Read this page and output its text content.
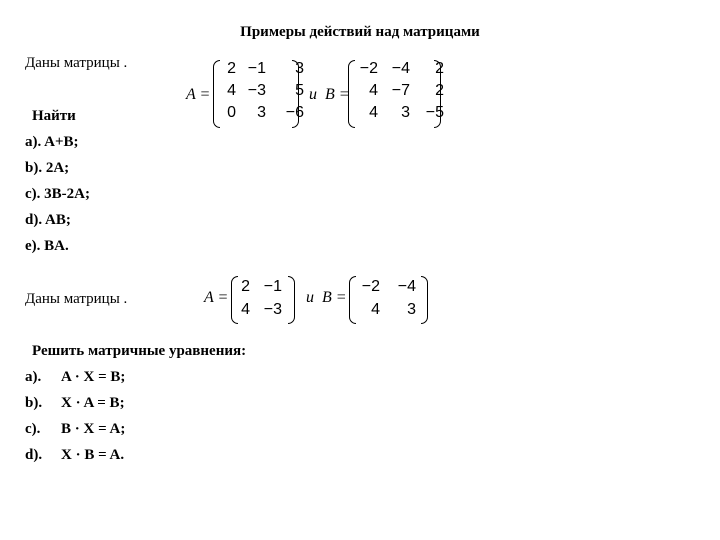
Примеры действий над матрицами
Даны матрицы .
A =
2 −1	3
4 −3	5
0	3	−6
и B =
−2 −4	2
4 −7	2
4	3 −5
Найти
a). A+B;
b). 2A;
c). 3B-2A;
d). AB;
e). BA.
Даны матрицы .	A =
2 −1
4 −3
и B =
−2	−4
4	3
Решить матричные уравнения:
a). A · X = B;
b). X · A = B;
c). B · X = A;
d). X · B = A.
